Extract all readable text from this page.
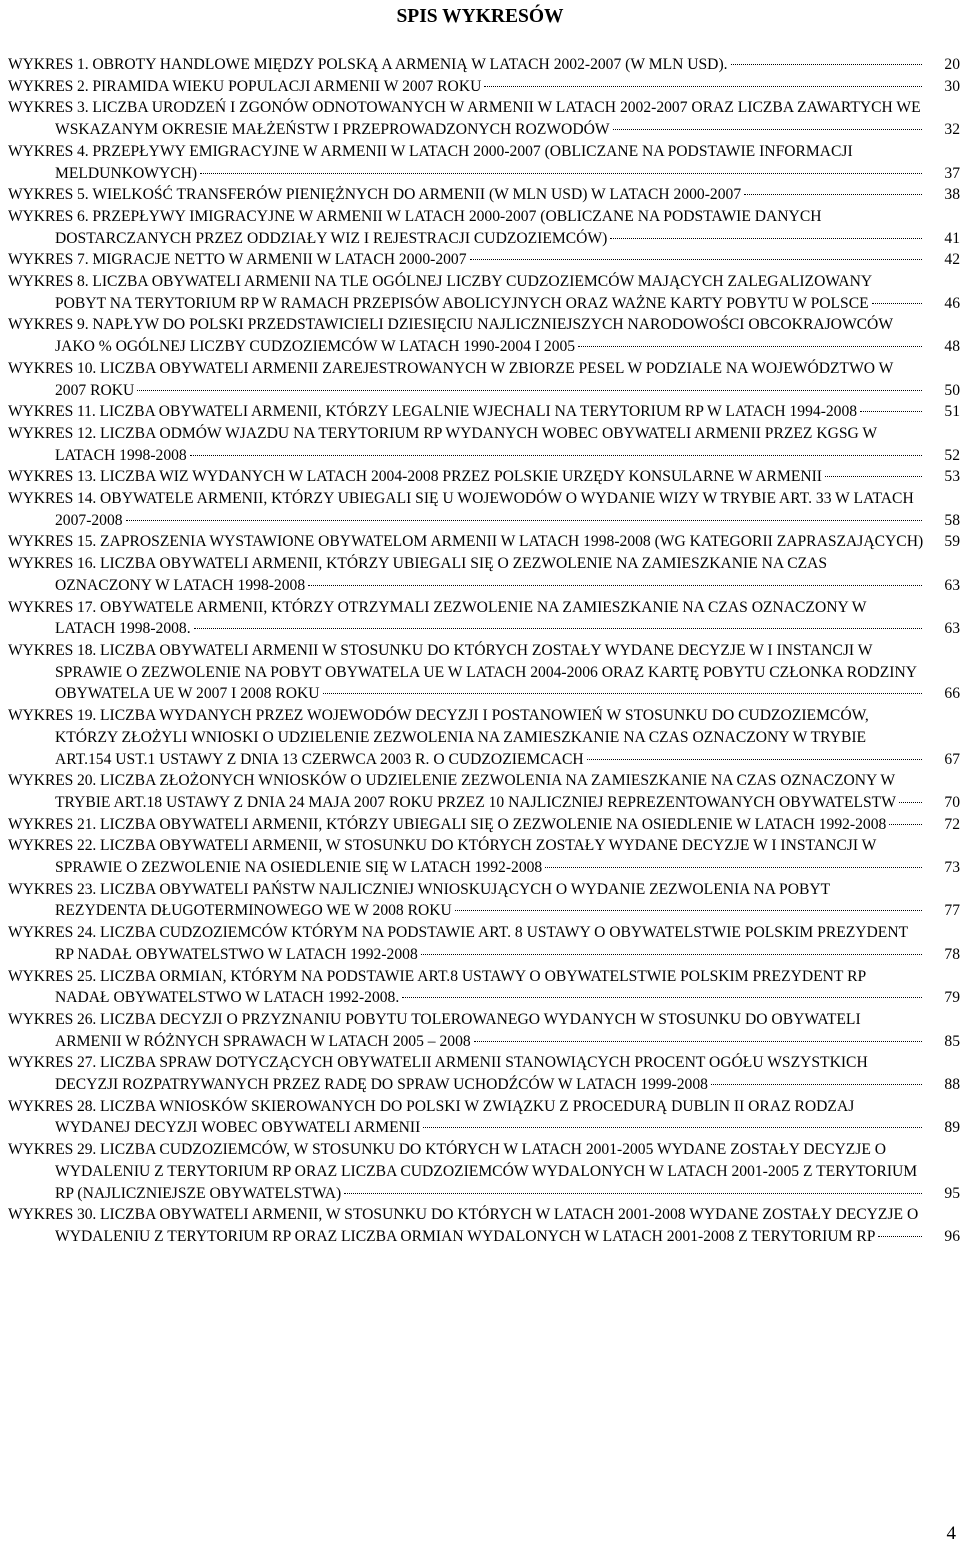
SPIS WYKRESÓW
WYKRES 1. OBROTY HANDLOWE MIĘDZY POLSKĄ A ARMENIĄ W LATACH 2002-2007 (W MLN USD).	20
WYKRES 2. PIRAMIDA WIEKU POPULACJI ARMENII W 2007 ROKU	30
WYKRES 3. LICZBA URODZEŃ I ZGONÓW ODNOTOWANYCH W ARMENII W LATACH 2002-2007 ORAZ LICZBA ZAWARTYCH WE WSKAZANYM OKRESIE MAŁŻEŃSTW I PRZEPROWADZONYCH ROZWODÓW	32
WYKRES 4. PRZEPŁYWY EMIGRACYJNE W ARMENII W LATACH 2000-2007 (OBLICZANE NA PODSTAWIE INFORMACJI MELDUNKOWYCH)	37
WYKRES 5. WIELKOŚĆ TRANSFERÓW PIENIĘŻNYCH DO ARMENII (W MLN USD) W LATACH 2000-2007	38
WYKRES 6. PRZEPŁYWY IMIGRACYJNE W ARMENII W LATACH 2000-2007 (OBLICZANE NA PODSTAWIE DANYCH DOSTARCZANYCH PRZEZ ODDZIAŁY WIZ I REJESTRACJI CUDZOZIEMCÓW)	41
WYKRES 7. MIGRACJE NETTO W ARMENII W LATACH 2000-2007	42
WYKRES 8. LICZBA OBYWATELI ARMENII NA TLE OGÓLNEJ LICZBY CUDZOZIEMCÓW MAJĄCYCH ZALEGALIZOWANY POBYT NA TERYTORIUM RP W RAMACH PRZEPISÓW ABOLICYJNYCH ORAZ WAŻNE KARTY POBYTU W POLSCE	46
WYKRES 9. NAPŁYW DO POLSKI PRZEDSTAWICIELI DZIESIĘCIU NAJLICZNIEJSZYCH NARODOWOŚCI OBCOKRAJOWCÓW JAKO % OGÓLNEJ LICZBY CUDZOZIEMCÓW W LATACH 1990-2004 I 2005	48
WYKRES 10. LICZBA OBYWATELI ARMENII ZAREJESTROWANYCH W ZBIORZE PESEL W PODZIALE NA WOJEWÓDZTWO W 2007 ROKU	50
WYKRES 11. LICZBA OBYWATELI ARMENII, KTÓRZY LEGALNIE WJECHALI NA TERYTORIUM RP W LATACH 1994-2008	51
WYKRES 12. LICZBA ODMÓW WJAZDU NA TERYTORIUM RP WYDANYCH WOBEC OBYWATELI ARMENII PRZEZ KGSG W LATACH 1998-2008	52
WYKRES 13. LICZBA WIZ WYDANYCH W LATACH 2004-2008 PRZEZ POLSKIE URZĘDY KONSULARNE W ARMENII	53
WYKRES 14. OBYWATELE ARMENII, KTÓRZY UBIEGALI SIĘ U WOJEWODÓW O WYDANIE WIZY W TRYBIE ART. 33 W LATACH 2007-2008	58
WYKRES 15. ZAPROSZENIA WYSTAWIONE OBYWATELOM ARMENII W LATACH 1998-2008 (WG KATEGORII ZAPRASZAJĄCYCH)	59
WYKRES 16. LICZBA OBYWATELI ARMENII, KTÓRZY UBIEGALI SIĘ O ZEZWOLENIE NA ZAMIESZKANIE NA CZAS OZNACZONY W LATACH 1998-2008	63
WYKRES 17. OBYWATELE ARMENII, KTÓRZY OTRZYMALI ZEZWOLENIE NA ZAMIESZKANIE NA CZAS OZNACZONY W LATACH 1998-2008.	63
WYKRES 18. LICZBA OBYWATELI ARMENII W STOSUNKU DO KTÓRYCH ZOSTAŁY WYDANE DECYZJE W I INSTANCJI W SPRAWIE O ZEZWOLENIE NA POBYT OBYWATELA UE W LATACH 2004-2006 ORAZ KARTĘ POBYTU CZŁONKA RODZINY OBYWATELA UE W 2007 I 2008 ROKU	66
WYKRES 19. LICZBA WYDANYCH PRZEZ WOJEWODÓW DECYZJI I POSTANOWIEŃ W STOSUNKU DO CUDZOZIEMCÓW, KTÓRZY ZŁOŻYLI WNIOSKI O UDZIELENIE ZEZWOLENIA NA ZAMIESZKANIE NA CZAS OZNACZONY W TRYBIE ART.154 UST.1 USTAWY Z DNIA 13 CZERWCA 2003 R. O CUDZOZIEMCACH	67
WYKRES 20. LICZBA ZŁOŻONYCH WNIOSKÓW O UDZIELENIE ZEZWOLENIA NA ZAMIESZKANIE NA CZAS OZNACZONY W TRYBIE ART.18 USTAWY Z DNIA 24 MAJA 2007 ROKU PRZEZ 10 NAJLICZNIEJ REPREZENTOWANYCH OBYWATELSTW	70
WYKRES 21. LICZBA OBYWATELI ARMENII, KTÓRZY UBIEGALI SIĘ O ZEZWOLENIE NA OSIEDLENIE W LATACH 1992-2008	72
WYKRES 22. LICZBA OBYWATELI ARMENII, W STOSUNKU DO KTÓRYCH ZOSTAŁY WYDANE DECYZJE W I INSTANCJI W SPRAWIE O ZEZWOLENIE NA OSIEDLENIE SIĘ W LATACH 1992-2008	73
WYKRES 23. LICZBA OBYWATELI PAŃSTW NAJLICZNIEJ WNIOSKUJĄCYCH O WYDANIE ZEZWOLENIA NA POBYT REZYDENTA DŁUGOTERMINOWEGO WE W 2008 ROKU	77
WYKRES 24. LICZBA CUDZOZIEMCÓW KTÓRYM NA PODSTAWIE ART. 8 USTAWY O OBYWATELSTWIE POLSKIM PREZYDENT RP NADAŁ OBYWATELSTWO W LATACH 1992-2008	78
WYKRES 25. LICZBA ORMIAN, KTÓRYM NA PODSTAWIE ART.8 USTAWY O OBYWATELSTWIE POLSKIM PREZYDENT RP NADAŁ OBYWATELSTWO W LATACH 1992-2008.	79
WYKRES 26. LICZBA DECYZJI O PRZYZNANIU POBYTU TOLEROWANEGO WYDANYCH W STOSUNKU DO OBYWATELI ARMENII W RÓŻNYCH SPRAWACH W LATACH 2005 – 2008	85
WYKRES 27. LICZBA SPRAW DOTYCZĄCYCH OBYWATELII ARMENII STANOWIĄCYCH PROCENT OGÓŁU WSZYSTKICH DECYZJI ROZPATRYWANYCH PRZEZ RADĘ DO SPRAW UCHODŹCÓW W LATACH 1999-2008	88
WYKRES 28. LICZBA WNIOSKÓW SKIEROWANYCH DO POLSKI W ZWIĄZKU Z PROCEDURĄ DUBLIN II ORAZ RODZAJ WYDANEJ DECYZJI WOBEC OBYWATELI ARMENII	89
WYKRES 29. LICZBA CUDZOZIEMCÓW, W STOSUNKU DO KTÓRYCH W LATACH 2001-2005 WYDANE ZOSTAŁY DECYZJE O WYDALENIU Z TERYTORIUM RP ORAZ LICZBA CUDZOZIEMCÓW WYDALONYCH W LATACH 2001-2005 Z TERYTORIUM RP (NAJLICZNIEJSZE OBYWATELSTWA)	95
WYKRES 30. LICZBA OBYWATELI ARMENII, W STOSUNKU DO KTÓRYCH W LATACH 2001-2008 WYDANE ZOSTAŁY DECYZJE O WYDALENIU Z TERYTORIUM RP ORAZ LICZBA ORMIAN WYDALONYCH W LATACH 2001-2008 Z TERYTORIUM RP	96
4
